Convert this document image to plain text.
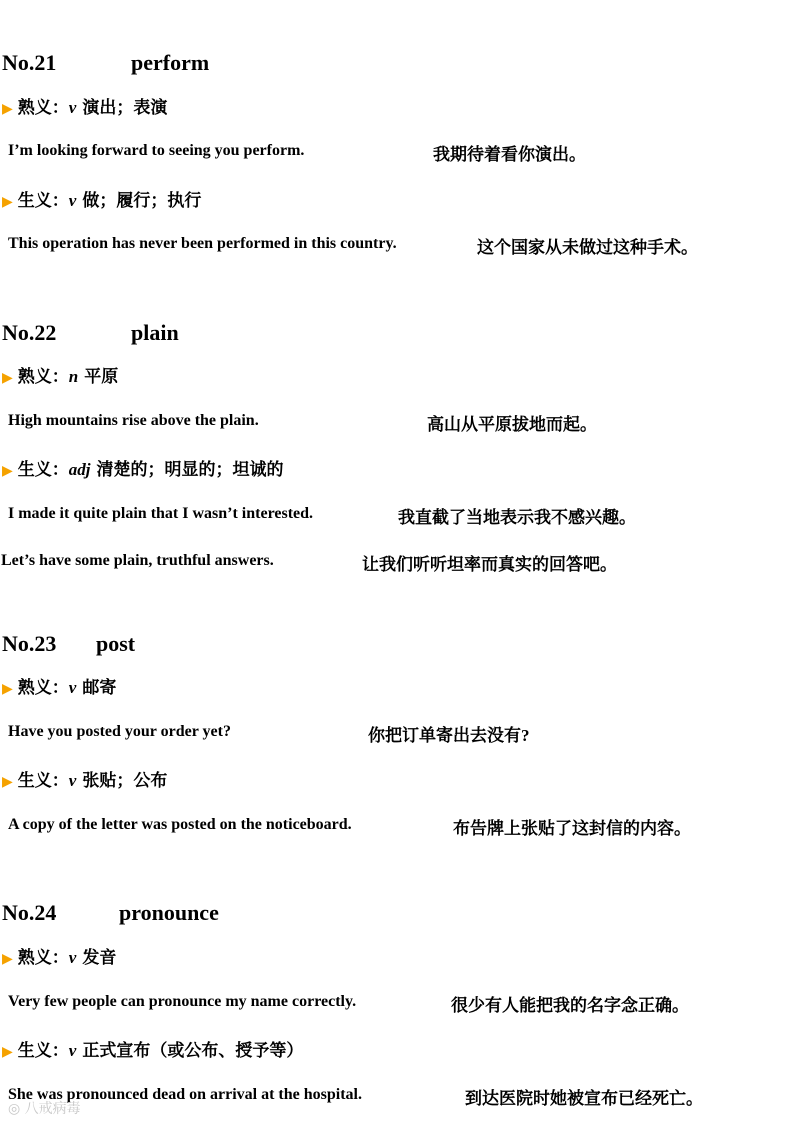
No.21	perform
▶ 熟义：v 演出；表演
I’m looking forward to seeing you perform.	我期待着看你演出。
▶ 生义：v 做；履行；执行
This operation has never been performed in this country.	这个国家从未做过这种手术。
No.22	plain
▶ 熟义：n 平原
High mountains rise above the plain.	高山从平原拔地而起。
▶ 生义：adj 清楚的；明显的；坦诚的
I made it quite plain that I wasn’t interested.	我直截了当地表示我不感兴趣。
Let’s have some plain, truthful answers.	让我们听听坦率而真实的回答吧。
No.23 post
▶ 熟义：v 邮寄
Have you posted your order yet?	你把订单寄出去没有?
▶ 生义：v 张贴；公布
A copy of the letter was posted on the noticeboard.	布告牌上张贴了这封信的内容。
No.24	pronounce
▶ 熟义：v 发音
Very few people can pronounce my name correctly.	很少有人能把我的名字念正确。
▶ 生义：v 正式宣布（或公布、授予等）
She was pronounced dead on arrival at the hospital.	到达医院时她被宣布已经死亡。
◎ 八戒病毒
